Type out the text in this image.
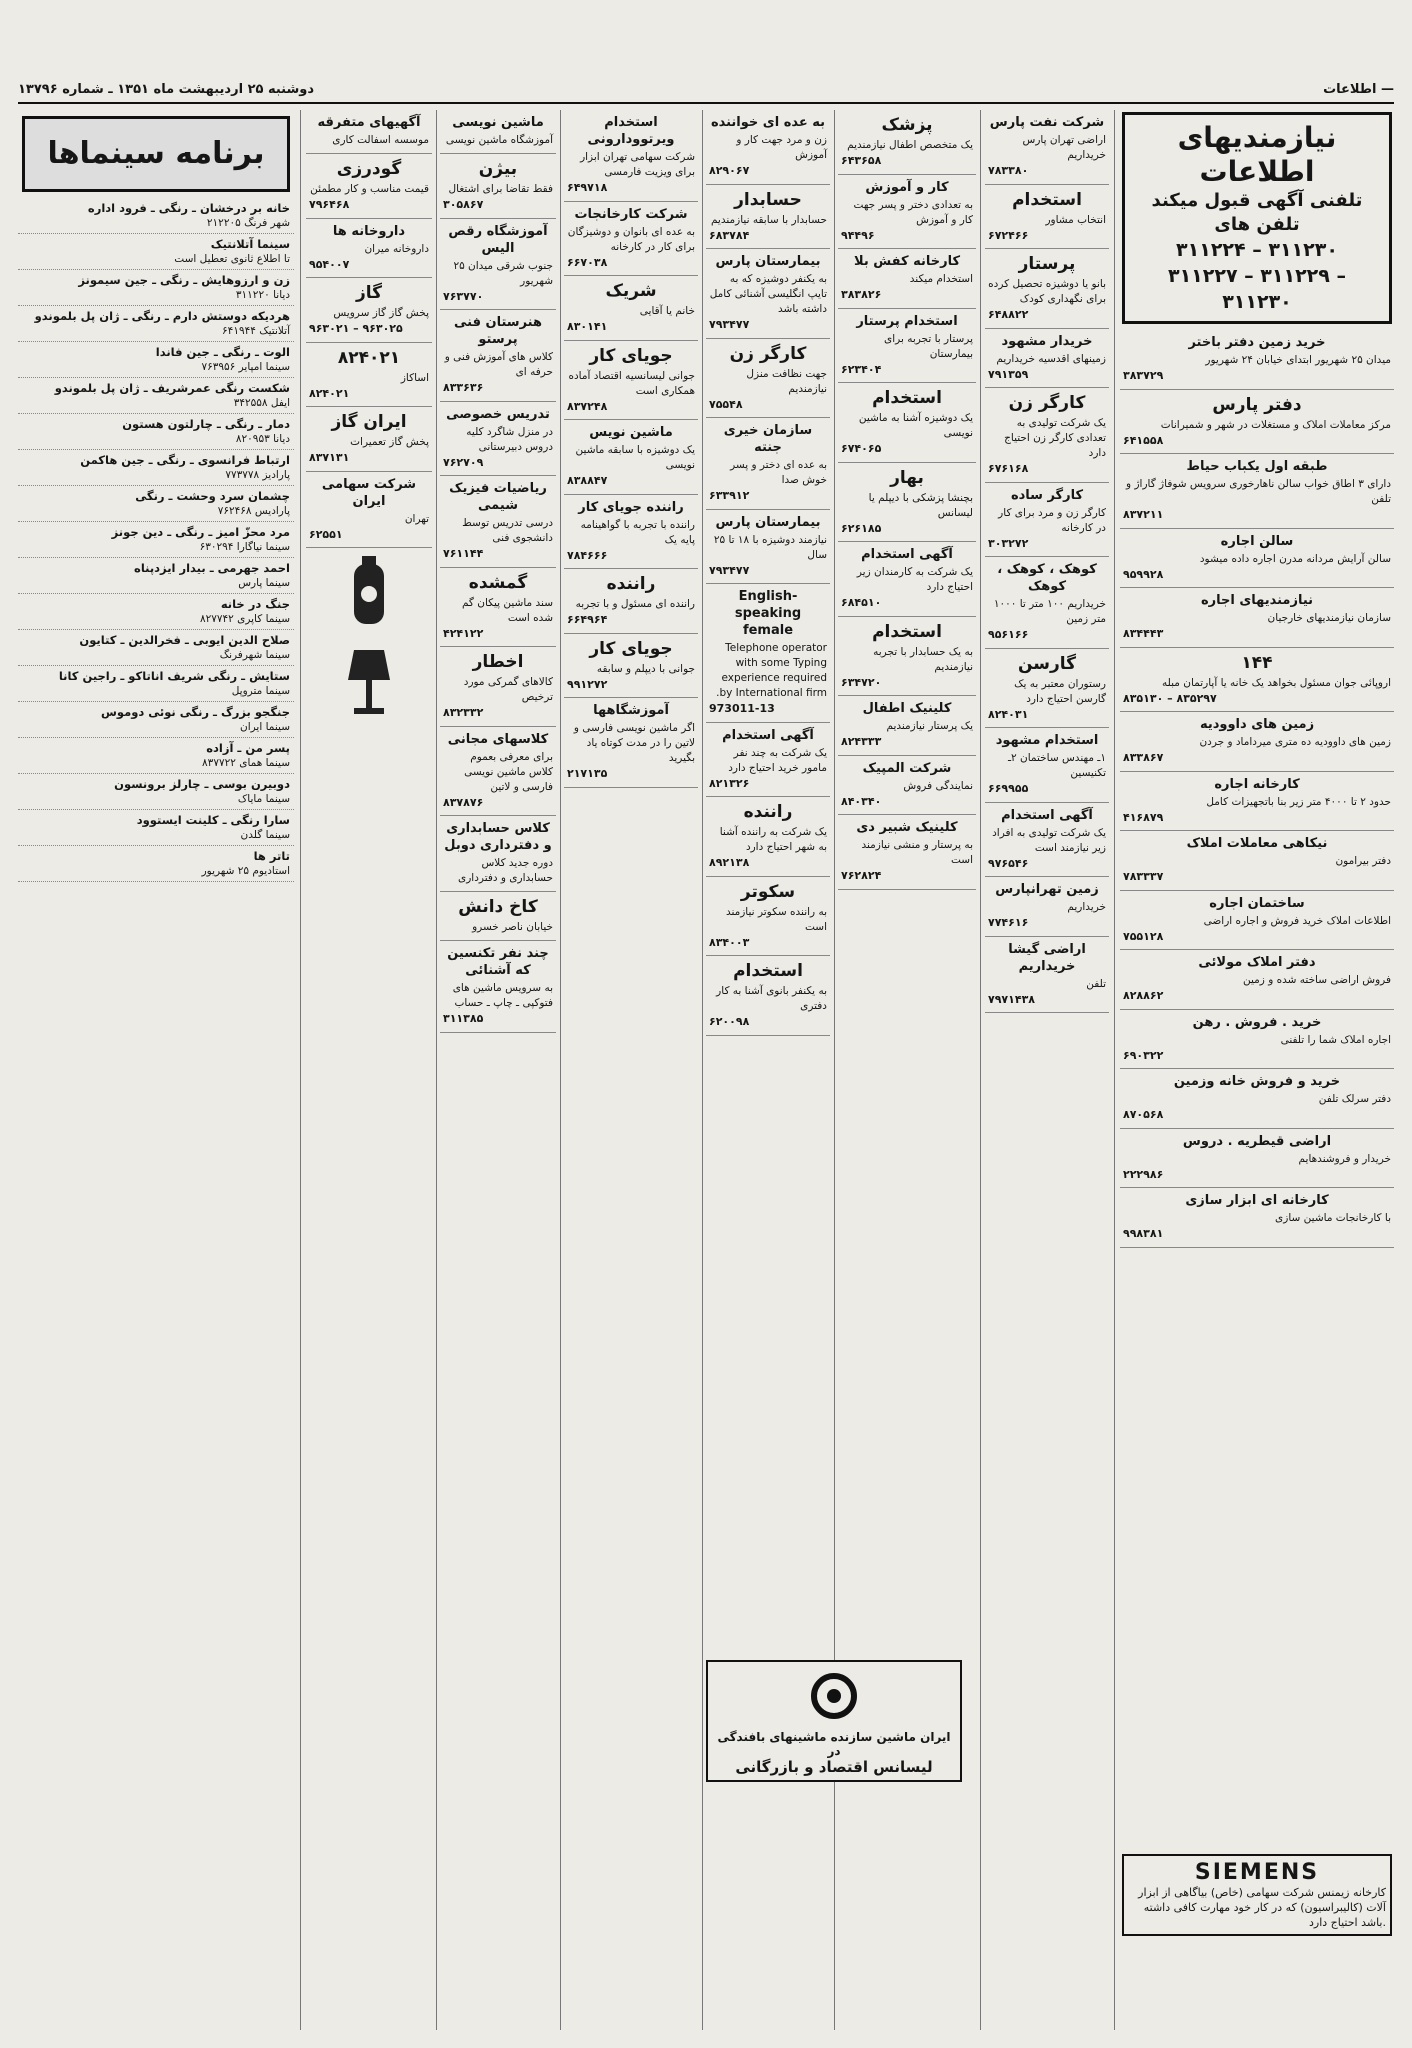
دوشنبه ۲۵ اردیبهشت ماه ۱۳۵۱ ـ شماره ۱۳۷۹۶	اطلاعات —
نیازمندیهای اطلاعات
تلفنی آگهی قبول میکند
تلفن های
۳۱۱۲۲۴ – ۳۱۱۲۳۰
۳۱۱۲۲۷ – ۳۱۱۲۲۹ – ۳۱۱۲۳۰
خرید زمین دفتر باختر
میدان ۲۵ شهریور ابتدای خیابان ۲۴ شهریور
۳۸۳۷۲۹
دفتر پارس
مرکز معاملات املاک و مستغلات در شهر و شمیرانات
۶۴۱۵۵۸
طبقه اول یکباب حیاط
دارای ۳ اطاق خواب سالن ناهارخوری سرویس شوفاژ گاراژ و تلفن
۸۳۷۲۱۱
سالن اجاره
سالن آرایش مردانه مدرن اجاره داده میشود
۹۵۹۹۲۸
نیازمندیهای اجاره
سازمان نیازمندیهای خارجیان
۸۳۴۴۴۳
۱۴۴
اروپائی جوان مسئول بخواهد یک خانه یا آپارتمان مبله
۸۳۵۱۳۰ – ۸۳۵۲۹۷
زمین های داوودیه
زمین های داوودیه ده متری میرداماد و جردن
۸۳۳۸۶۷
کارخانه اجاره
حدود ۲ تا ۴۰۰۰ متر زیر بنا باتجهیزات کامل
۴۱۶۸۷۹
نیکاهی معاملات املاک
دفتر بیرامون
۷۸۳۳۳۷
ساختمان اجاره
اطلاعات املاک خرید فروش و اجاره اراضی
۷۵۵۱۲۸
دفتر املاک مولائی
فروش اراضی ساخته شده و زمین
۸۲۸۸۶۲
خرید . فروش . رهن
اجاره املاک شما را تلفنی
۶۹۰۳۲۲
خرید و فروش خانه وزمین
دفتر سرلک تلفن
۸۷۰۵۶۸
اراضی قیطریه . دروس
خریدار و فروشندهایم
۲۲۲۹۸۶
کارخانه ای ابزار سازی
با کارخانجات ماشین سازی
۹۹۸۳۸۱
شرکت نفت پارس
اراضی تهران پارس خریداریم
۷۸۳۳۸۰
استخدام
انتخاب مشاور
۶۷۲۴۶۶
پرستار
بانو یا دوشیزه تحصیل کرده برای نگهداری کودک
۶۴۸۸۲۲
خریدار مشهود
زمینهای اقدسیه خریداریم
۷۹۱۳۵۹
کارگر زن
یک شرکت تولیدی به تعدادی کارگر زن احتیاج دارد
۶۷۶۱۶۸
کارگر ساده
کارگر زن و مرد برای کار در کارخانه
۳۰۳۲۷۲
کوهک ، کوهک ، کوهک
خریداریم ۱۰۰ متر تا ۱۰۰۰ متر زمین
۹۵۶۱۶۶
گارسن
رستوران معتبر به یک گارسن احتیاج دارد
۸۲۴۰۳۱
استخدام مشهود
۱ـ مهندس ساختمان ۲ـ تکنیسین
۶۶۹۹۵۵
آگهی استخدام
یک شرکت تولیدی به افراد زیر نیازمند است
۹۷۶۵۴۶
زمین تهرانپارس
خریداریم
۷۷۴۶۱۶
اراضی گیشا خریداریم
تلفن
۷۹۷۱۴۳۸
پزشک
یک متخصص اطفال نیازمندیم
۶۴۳۶۵۸
کار و آموزش
به تعدادی دختر و پسر جهت کار و آموزش
۹۴۴۹۶
کارخانه کفش بلا
استخدام میکند
۳۸۳۸۲۶
استخدام پرستار
پرستار با تجربه برای بیمارستان
۶۲۳۴۰۴
استخدام
یک دوشیزه آشنا به ماشین نویسی
۶۷۴۰۶۵
بهار
بچنشا پزشکی با دیپلم یا لیسانس
۶۲۶۱۸۵
آگهی استخدام
یک شرکت به کارمندان زیر احتیاج دارد
۶۸۴۵۱۰
استخدام
به یک حسابدار با تجربه نیازمندیم
۶۳۴۷۲۰
کلینیک اطفال
یک پرستار نیازمندیم
۸۲۴۳۳۳
شرکت المپیک
نمایندگی فروش
۸۴۰۳۴۰
کلینیک شبیر دی
به پرستار و منشی نیازمند است
۷۶۲۸۲۴
به عده ای خواننده
زن و مرد جهت کار و آموزش
۸۲۹۰۶۷
حسابدار
حسابدار با سابقه نیازمندیم
۶۸۳۷۸۴
بیمارستان پارس
به یکنفر دوشیزه که به تایپ انگلیسی آشنائی کامل داشته باشد
۷۹۳۴۷۷
کارگر زن
جهت نظافت منزل نیازمندیم
۷۵۵۴۸
سازمان خیری جنته
به عده ای دختر و پسر خوش صدا
۶۳۳۹۱۲
بیمارستان پارس
نیازمند دوشیزه با ۱۸ تا ۲۵ سال
۷۹۳۴۷۷
English-speaking female
Telephone operator with some Typing experience required by International firm.
973011-13
آگهی استخدام
یک شرکت به چند نفر مامور خرید احتیاج دارد
۸۲۱۳۲۶
راننده
یک شرکت به راننده آشنا به شهر احتیاج دارد
۸۹۲۱۳۸
سکوتر
به راننده سکوتر نیازمند است
۸۳۴۰۰۳
استخدام
به یکنفر بانوی آشنا به کار دفتری
۶۲۰۰۹۸
استخدام ویرتوودارونی
شرکت سهامی تهران ابزار برای ویزیت فارمسی
۶۴۹۷۱۸
شرکت کارخانجات
به عده ای بانوان و دوشیزگان برای کار در کارخانه
۶۶۷۰۳۸
شریک
خانم یا آقایی
۸۳۰۱۴۱
جویای کار
جوانی لیسانسیه اقتصاد آماده همکاری است
۸۳۷۲۴۸
ماشین نویس
یک دوشیزه با سابقه ماشین نویسی
۸۳۸۸۴۷
راننده جویای کار
راننده با تجربه با گواهینامه پایه یک
۷۸۴۶۶۶
راننده
راننده ای مسئول و با تجربه
۶۶۴۹۶۴
جویای کار
جوانی با دیپلم و سابقه
۹۹۱۲۷۲
آموزشگاهها
اگر ماشین نویسی فارسی و لاتین را در مدت کوتاه یاد بگیرید
۲۱۷۱۳۵
ماشین نویسی
آموزشگاه ماشین نویسی
بیژن
فقط تقاضا برای اشتغال
۳۰۵۸۶۷
آموزشگاه رقص الیس
جنوب شرقی میدان ۲۵ شهریور
۷۶۳۷۷۰
هنرستان فنی پرستو
کلاس های آموزش فنی و حرفه ای
۸۳۳۶۳۶
تدریس خصوصی
در منزل شاگرد کلیه دروس دبیرستانی
۷۶۲۷۰۹
ریاضیات فیزیک شیمی
درسی تدریس توسط دانشجوی فنی
۷۶۱۱۴۴
گمشده
سند ماشین پیکان گم شده است
۴۲۴۱۲۲
اخطار
کالاهای گمرکی مورد ترخیص
۸۳۲۳۳۲
کلاسهای مجانی
برای معرفی بعموم کلاس ماشین نویسی فارسی و لاتین
۸۳۷۸۷۶
کلاس حسابداری و دفترداری دوبل
دوره جدید کلاس حسابداری و دفترداری
کاخ دانش
خیابان ناصر خسرو
چند نفر تکنسین که آشنائی
به سرویس ماشین های فتوکپی ـ چاپ ـ حساب
۳۱۱۳۸۵
آگهیهای متفرقه
موسسه اسفالت کاری
گودرزی
قیمت مناسب و کار مطمئن
۷۹۶۴۶۸
داروخانه ها
داروخانه میران
۹۵۴۰۰۷
گاز
پخش گاز گاز سرویس
۹۶۳۰۲۱ – ۹۶۳۰۲۵
۸۲۴۰۲۱
اساکاز
۸۲۴۰۲۱
ایران گاز
پخش گاز تعمیرات
۸۳۷۱۳۱
شرکت سهامی ایران
تهران
۶۲۵۵۱
برنامه سینماها
خانه بر درخشان ـ رنگی ـ فرود اداره
شهر فرنگ ۲۱۲۲۰۵
سینما آتلانتیک
تا اطلاع ثانوی تعطیل است
زن و ارزوهایش ـ رنگی ـ جین سیمونز
دیانا ۳۱۱۲۲۰
هردیکه دوستش دارم ـ رنگی ـ ژان پل بلموندو
آتلانتیک ۶۴۱۹۴۴
الوت ـ رنگی ـ جین فاندا
سینما امپایر ۷۶۳۹۵۶
شکست رنگی عمرشریف ـ ژان پل بلموندو
ایفل ۳۴۲۵۵۸
دمار ـ رنگی ـ چارلتون هستون
دیانا ۸۲۰۹۵۳
ارتباط فرانسوی ـ رنگی ـ جین هاکمن
پارادیز ۷۷۳۷۷۸
چشمان سرد وحشت ـ رنگی
پارادیس ۷۶۲۴۶۸
مرد محزّ امیز ـ رنگی ـ دین جونز
سینما نیاگارا ۶۳۰۲۹۴
احمد جهرمی ـ بیدار ایزدپناه
سینما پارس
جنگ در خانه
سینما کاپری ۸۲۷۷۴۲
صلاح الدین ایوبی ـ فخرالدین ـ کتایون
سینما شهرفرنگ
ستایش ـ رنگی شریف اناتاکو ـ راجین کانا
سینما متروپل
جنگجو بزرگ ـ رنگی نوئی دوموس
سینما ایران
پسر من ـ آزاده
سینما همای ۸۳۷۷۲۲
دوبیرن بوسی ـ چارلز برونسون
سینما مایاک
سارا رنگی ـ کلینت ایستوود
سینما گلدن
تاتر ها
استادیوم ۲۵ شهریور
SIEMENS
کارخانه زیمنس شرکت سهامی (خاص) بیاگاهی از ابزار آلات (کالیبراسیون) که در کار خود مهارت کافی داشته باشد احتیاج دارد.
ایران ماشین سازنده ماشینهای بافندگی در
لیسانس اقتصاد و بازرگانی
